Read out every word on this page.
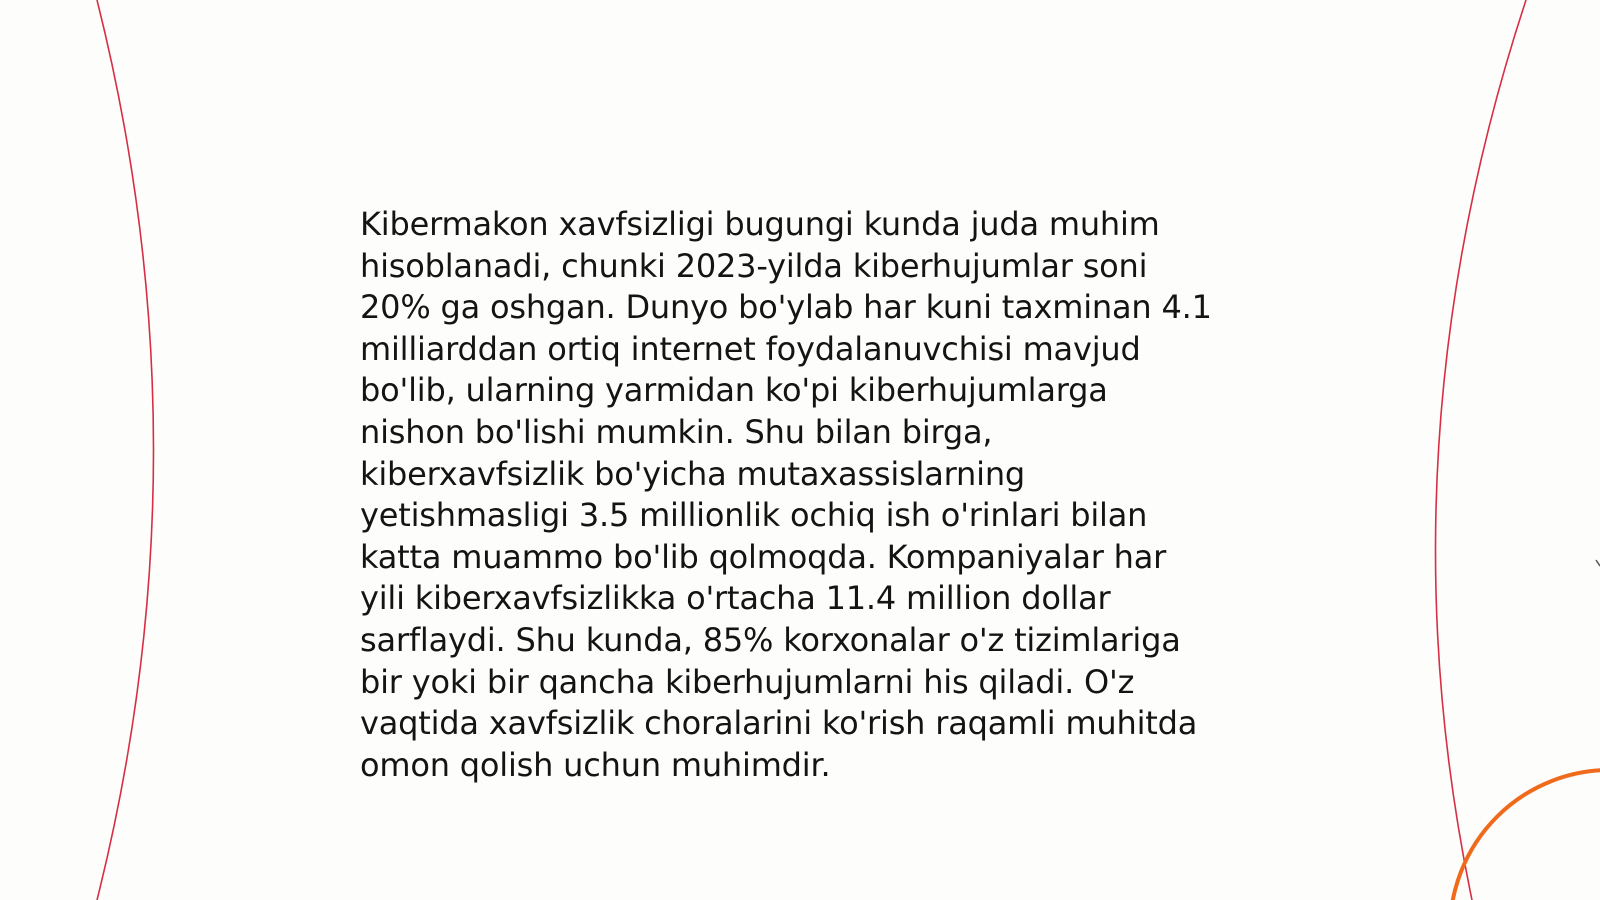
Kibermakon xavfsizligi bugungi kunda juda muhim
hisoblanadi, chunki 2023-yilda kiberhujumlar soni
20% ga oshgan. Dunyo bo'ylab har kuni taxminan 4.1
milliarddan ortiq internet foydalanuvchisi mavjud
bo'lib, ularning yarmidan ko'pi kiberhujumlarga
nishon bo'lishi mumkin. Shu bilan birga,
kiberxavfsizlik bo'yicha mutaxassislarning
yetishmasligi 3.5 millionlik ochiq ish o'rinlari bilan
katta muammo bo'lib qolmoqda. Kompaniyalar har
yili kiberxavfsizlikka o'rtacha 11.4 million dollar
sarflaydi. Shu kunda, 85% korxonalar o'z tizimlariga
bir yoki bir qancha kiberhujumlarni his qiladi. O'z
vaqtida xavfsizlik choralarini ko'rish raqamli muhitda
omon qolish uchun muhimdir.
